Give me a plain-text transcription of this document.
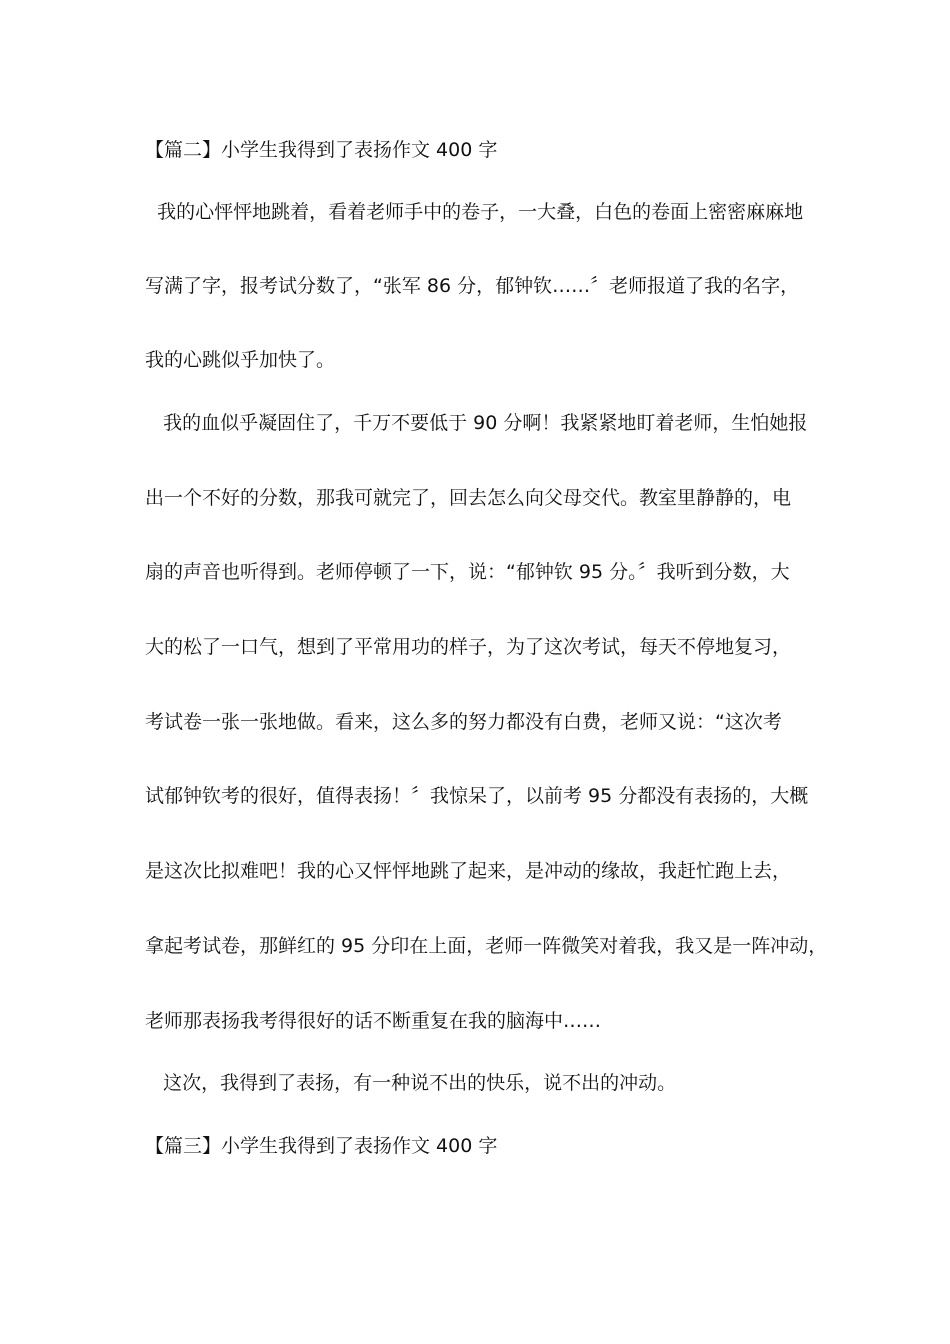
【篇二】小学生我得到了表扬作文 400 字
我的心怦怦地跳着，看着老师手中的卷子，一大叠，白色的卷面上密密麻麻地
写满了字，报考试分数了，“张军 86 分，郁钟钦……〞老师报道了我的名字，
我的心跳似乎加快了。
我的血似乎凝固住了，千万不要低于 90 分啊！我紧紧地盯着老师，生怕她报
出一个不好的分数，那我可就完了，回去怎么向父母交代。教室里静静的，电
扇的声音也听得到。老师停顿了一下，说：“郁钟钦 95 分。〞我听到分数，大
大的松了一口气，想到了平常用功的样子，为了这次考试，每天不停地复习，
考试卷一张一张地做。看来，这么多的努力都没有白费，老师又说：“这次考
试郁钟钦考的很好，值得表扬！〞我惊呆了，以前考 95 分都没有表扬的，大概
是这次比拟难吧！我的心又怦怦地跳了起来，是冲动的缘故，我赶忙跑上去，
拿起考试卷，那鲜红的 95 分印在上面，老师一阵微笑对着我，我又是一阵冲动，
老师那表扬我考得很好的话不断重复在我的脑海中……
这次，我得到了表扬，有一种说不出的快乐，说不出的冲动。
【篇三】小学生我得到了表扬作文 400 字
